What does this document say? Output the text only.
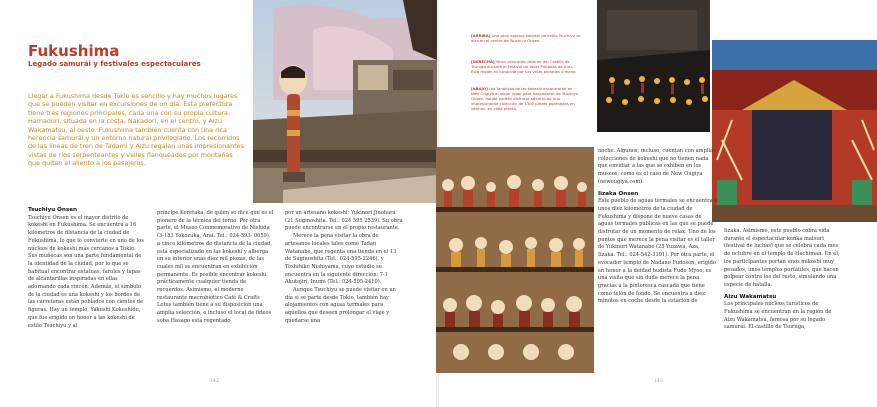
Fukushima
Legado samurái y festivales espectaculares
Llegar a Fukushima desde Tokio es sencillo y hay muchos lugares que se pueden visitar en excursiones de un día. Esta prefectura tiene tres regiones principales, cada una con su propia cultura: Hamadori, situada en la costa, Nakadori, en el centro, y Aizu Wakamatsu, al oeste. Fukushima también cuenta con una rica herencia samurái y un entorno natural privilegiado. Los recorridos de las líneas de tren de Tadami y Aizu regalan unas impresionantes vistas de ríos serpenteantes y valles flanqueados por montañas que quitan el aliento a los pasajeros.

Tsuchiyu Onsen

Tsuchiyu Onsen es el mayor distrito de kokeshi en Fukushima. Se encuentra a 16 kilómetros de distancia de la ciudad de Fukushima, lo que lo convierte en uno de los núcleos de kokeshi más cercanos a Tokio. Sus muñecas son una parte fundamental de la identidad de la ciudad, por lo que se habitual encontrar estatuas, faroles y tapas de alcantarillas inspiradas en ellas adornando cada rincón. Además, el símbolo de la ciudad es una kokeshi y los bordes de las carreteras están poblados con cientos de figuras. Hay un templo, Yakushi Kokeshido, que fue erigido en honor a las kokeshi de estilo Tsuchiyu y al

príncipe Koretaka, de quien se dice que es el pionero de la técnica del torno. Por otra parte, el Museo Conmemorativo de Nishida (3-183 Yokozuka, Arai. Tel.: 024-593- 0659), a cinco kilómetros de distancia de la ciudad, está especializado en las kokeshi y alberga en su interior unas diez mil piezas, de las cuales mil se encuentran en exhibición permanente. Es posible encontrar kokeshi prácticamente cualquier tienda de recuerdos. Asimismo, el moderno restaurante macrobiótico Café & Crafts Lotus también tiene a su disposición una amplia selección, e incluso el local de fideos soba Hasago está regentado

por un artesano kokeshi: Yukinori Jinohara (21 Suginoshita. Tel.: 024 595 2539). Su obra puede encontrarse en el propio restaurante.

Merece la pena visitar la obra de artesanos locales tales como Tadao Watanabe, que regenta una tienda en el 13 de Suginoshita (Tel.: 024-595-2246), y Toshihiko Nishiyama, cuyo estudio se encuentra en la siguiente dirección: 7-1 Akutojiri, Inumi (Tel.: 024-595-2410).

Aunque Tsuchiyu se puede visitar en un día si se parte desde Tokio, también hay alojamientos con aguas termales para aquellos que deseen prolongar el viaje y quedarse una

142
[ARRIBA] Una gran estatua kokeshi de estilo Tsuchiyu se alza en el centro de Tsuchiyu Onsen.
[DERECHA] Velas colocadas delante del Castillo de Tsuruga durante el Festival de Velas Pintadas de Aizu. Esta región es conocida por sus velas pintadas a mano.
[ABAJO] Los fanáticos de las kokeshi encontrarán en New Ougiya el mejor lugar para hospedarse de Tsuchiyu Onsen, donde podrán disfrutar además de una impresionante colección de 1300 piezas guardadas en vitrinas, en cada planta.

noche. Algunos, incluso, cuentan con amplias colecciones de kokeshi que no tienen nada que envidiar a las que se exhiben en los museos, como es el caso de New Ougiya (newougiya.com).

Iizaka Onsen

Este pueblo de aguas termales se encuentra a unos diez kilómetros de la ciudad de Fukushima y dispone de nueve casas de aguas termales públicas en las que se puede disfrutar de un momento de relax. Uno de los puntos que merece la pena visitar es el taller de Yukinori Watanabe (25 Yuzawa, Aza, Iizaka. Tel.: 024-542-3191). Por otra parte, el evocador templo de Nadano Fudoson, erigido en honor a la deidad budista Fudo Myoo, es una visita que sin duda merece la pena gracias a la pintoresca cascada que tiene como telón de fondo. Se encuentra a diez minutos en coche desde la estación de

Iizaka. Asimismo, este pueblo cobra vida durante el espectacular kenka matsuri (festival de luchas) que se celebra cada mes de octubre en el templo de Hachiman. En él, los participantes portan unos mikoshi muy pesados, unos templos portátiles, que hacen golpear contra los del resto, simulando una especie de batalla.

Aizu Wakamatsu

Los principales núcleos turísticos de Fukushima se encuentran en la región de Aizu Wakamatsu, famosa por su legado samurái. El castillo de Tsuruga,

143
